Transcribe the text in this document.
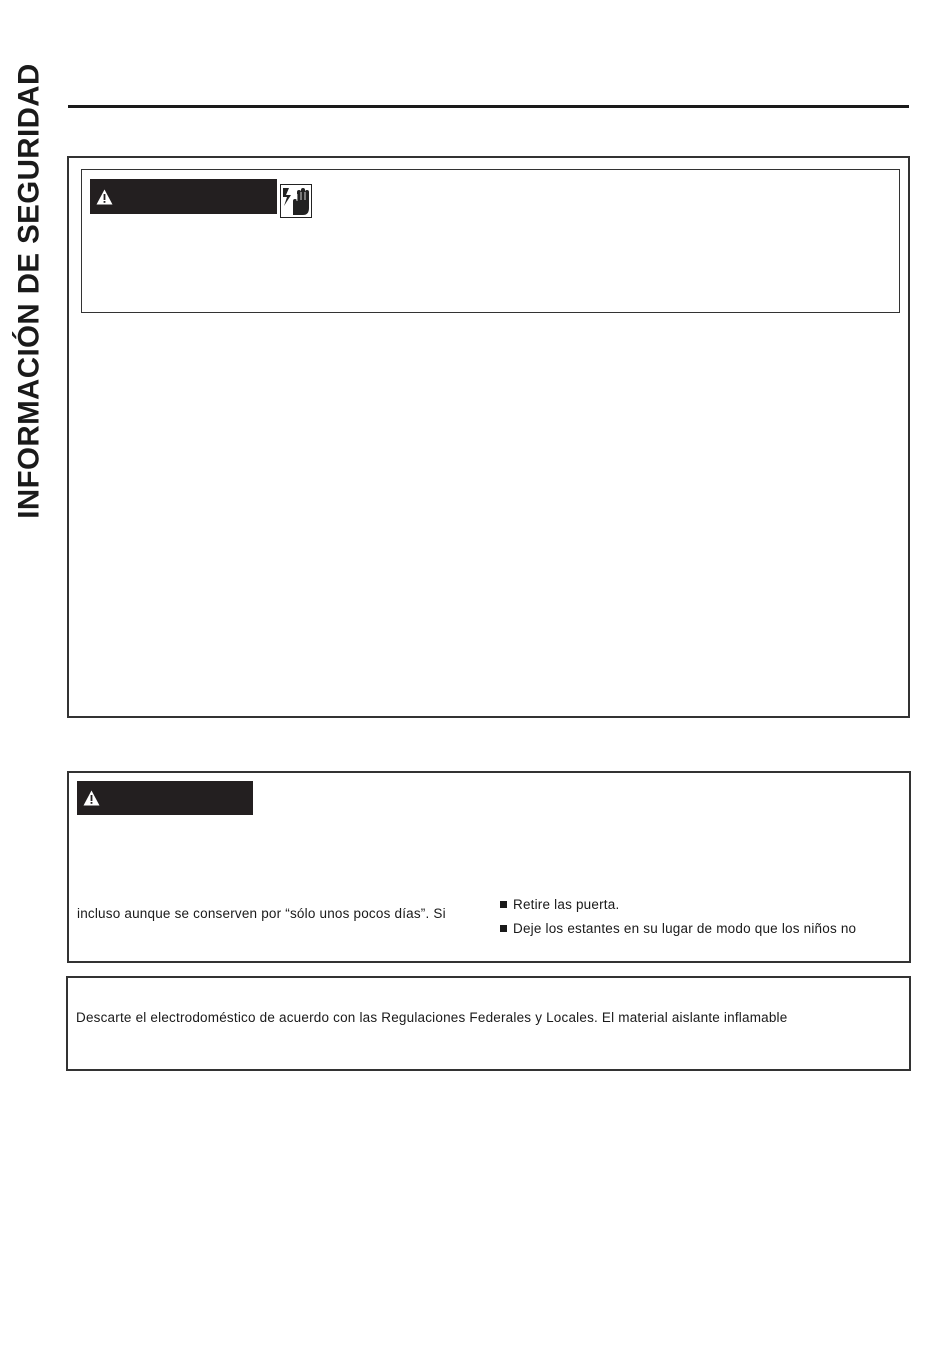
INFORMACIÓN DE SEGURIDAD
incluso aunque se conserven por “sólo unos pocos días”. Si
Retire las puerta.
Deje los estantes en su lugar de modo que los niños no
Descarte el electrodoméstico de acuerdo con las Regulaciones Federales y Locales. El material aislante inflamable
